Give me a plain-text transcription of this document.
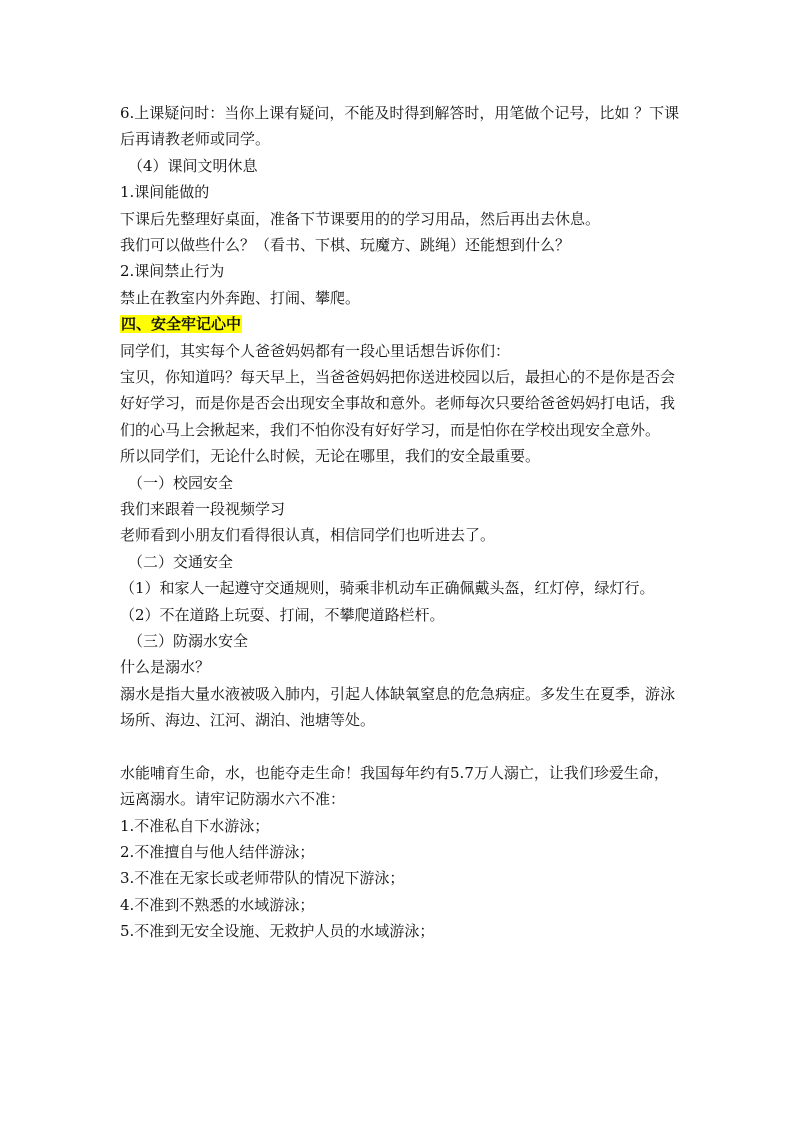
6.上课疑问时：当你上课有疑问，不能及时得到解答时，用笔做个记号，比如 ？下课后再请教老师或同学。

（4）课间文明休息

1.课间能做的

下课后先整理好桌面，准备下节课要用的的学习用品，然后再出去休息。

我们可以做些什么？（看书、下棋、玩魔方、跳绳）还能想到什么？

2.课间禁止行为

禁止在教室内外奔跑、打闹、攀爬。

四、安全牢记心中

同学们，其实每个人爸爸妈妈都有一段心里话想告诉你们：

宝贝，你知道吗？每天早上，当爸爸妈妈把你送进校园以后，最担心的不是你是否会好好学习，而是你是否会出现安全事故和意外。老师每次只要给爸爸妈妈打电话，我们的心马上会揪起来，我们不怕你没有好好学习，而是怕你在学校出现安全意外。

所以同学们，无论什么时候，无论在哪里，我们的安全最重要。

（一）校园安全

我们来跟着一段视频学习

老师看到小朋友们看得很认真，相信同学们也听进去了。

（二）交通安全

（1）和家人一起遵守交通规则，骑乘非机动车正确佩戴头盔，红灯停，绿灯行。

（2）不在道路上玩耍、打闹，不攀爬道路栏杆。

（三）防溺水安全

什么是溺水？

溺水是指大量水液被吸入肺内，引起人体缺氧窒息的危急病症。多发生在夏季，游泳场所、海边、江河、湖泊、池塘等处。

水能哺育生命，水，也能夺走生命！我国每年约有5.7万人溺亡，让我们珍爱生命，远离溺水。请牢记防溺水六不准：

1.不准私自下水游泳；

2.不准擅自与他人结伴游泳；

3.不准在无家长或老师带队的情况下游泳；

4.不准到不熟悉的水域游泳；

5.不准到无安全设施、无救护人员的水域游泳；
